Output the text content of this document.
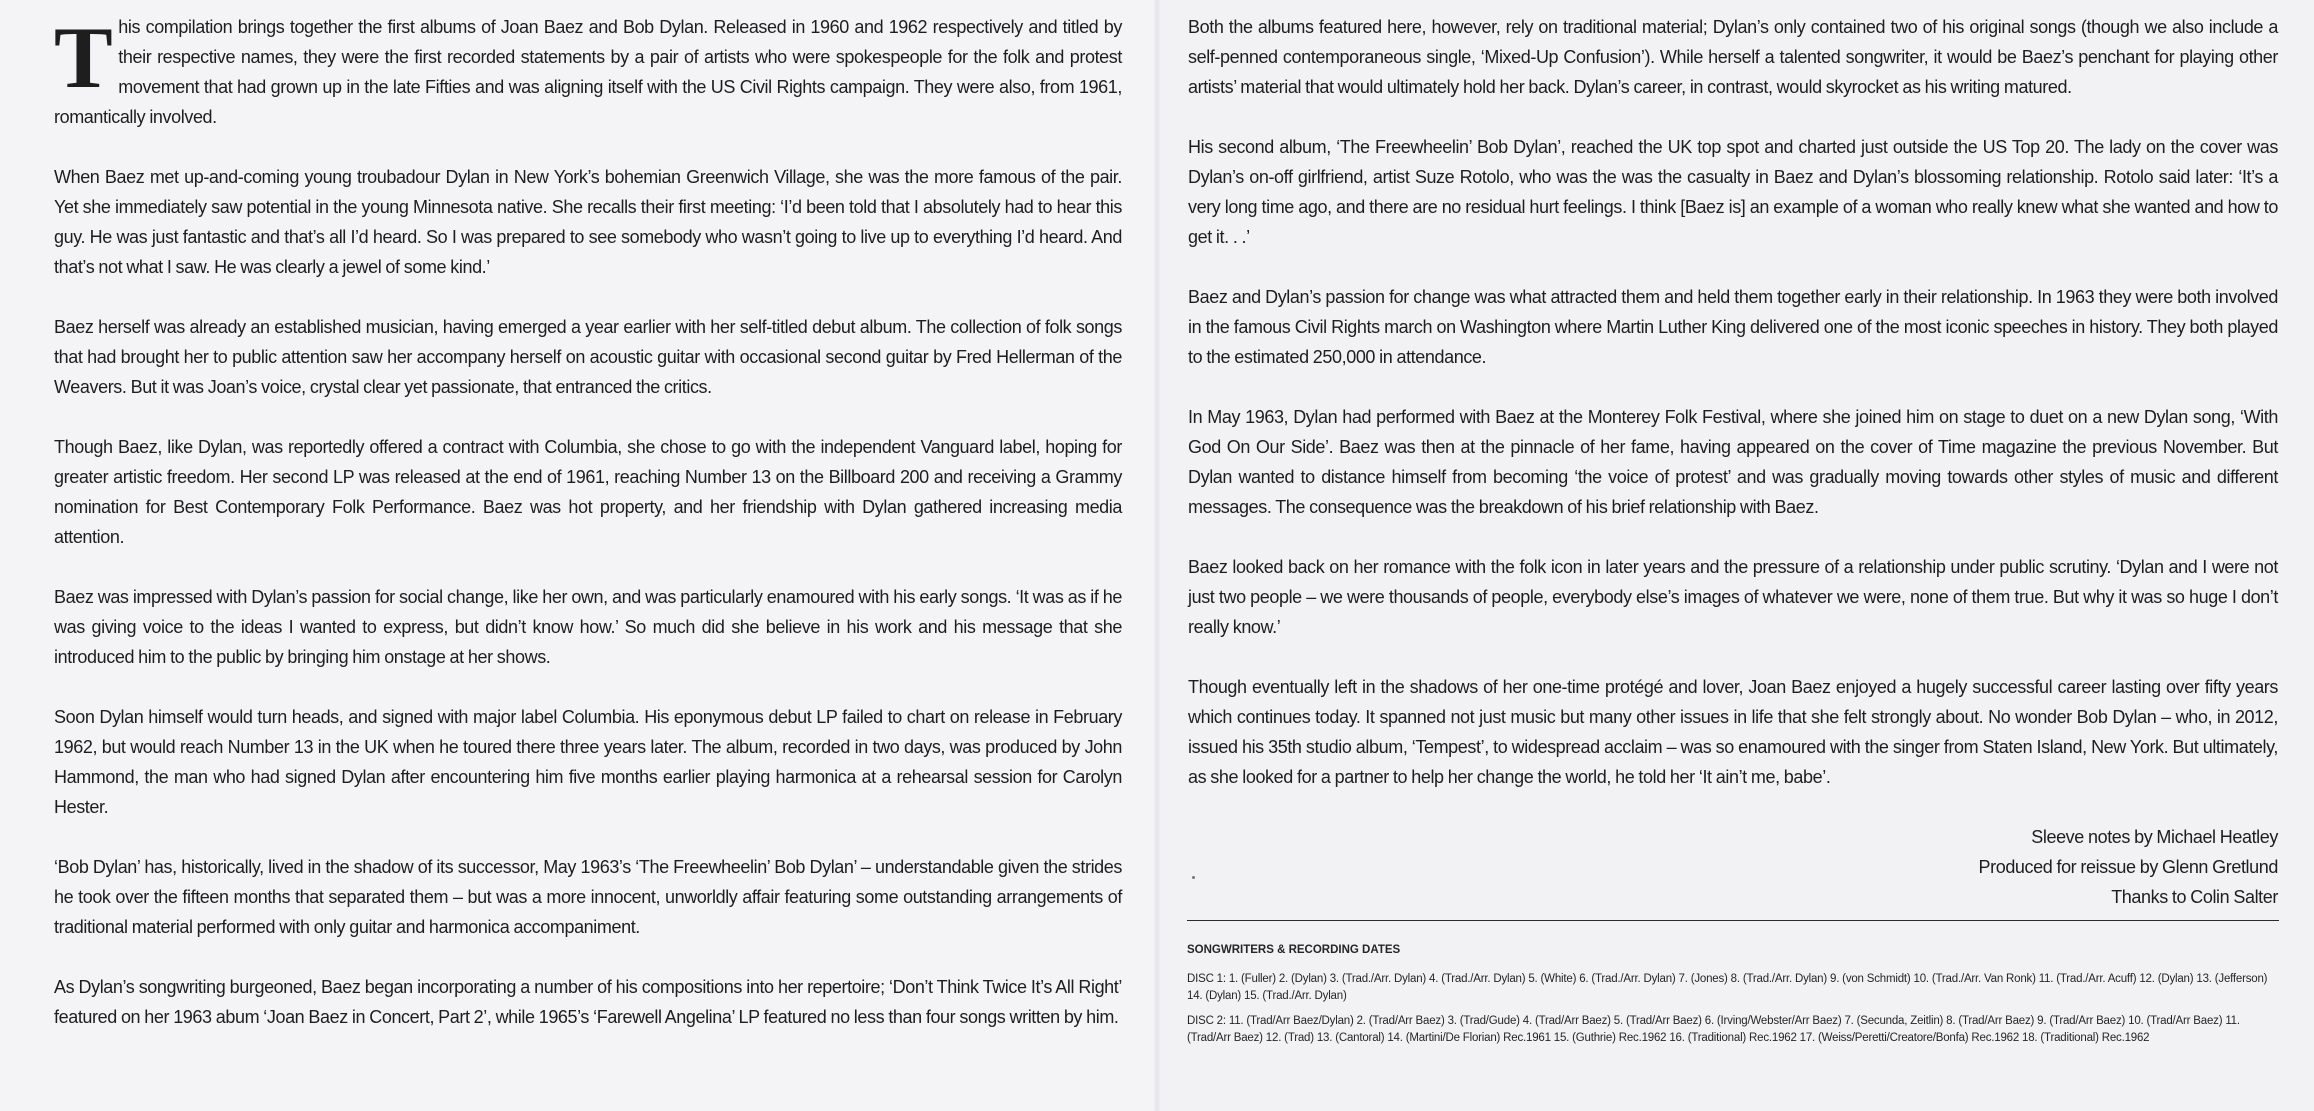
This compilation brings together the first albums of Joan Baez and Bob Dylan. Released in 1960 and 1962 respectively and titled by their respective names, they were the first recorded statements by a pair of artists who were spokespeople for the folk and protest movement that had grown up in the late Fifties and was aligning itself with the US Civil Rights campaign. They were also, from 1961, romantically involved.

When Baez met up-and-coming young troubadour Dylan in New York’s bohemian Greenwich Village, she was the more famous of the pair. Yet she immediately saw potential in the young Minnesota native. She recalls their first meeting: ‘I’d been told that I absolutely had to hear this guy. He was just fantastic and that’s all I’d heard. So I was prepared to see somebody who wasn’t going to live up to everything I’d heard. And that’s not what I saw. He was clearly a jewel of some kind.’

Baez herself was already an established musician, having emerged a year earlier with her self-titled debut album. The collection of folk songs that had brought her to public attention saw her accompany herself on acoustic guitar with occasional second guitar by Fred Hellerman of the Weavers. But it was Joan’s voice, crystal clear yet passionate, that entranced the critics.

Though Baez, like Dylan, was reportedly offered a contract with Columbia, she chose to go with the independent Vanguard label, hoping for greater artistic freedom. Her second LP was released at the end of 1961, reaching Number 13 on the Billboard 200 and receiving a Grammy nomination for Best Contemporary Folk Performance. Baez was hot property, and her friendship with Dylan gathered increasing media attention.

Baez was impressed with Dylan’s passion for social change, like her own, and was particularly enamoured with his early songs. ‘It was as if he was giving voice to the ideas I wanted to express, but didn’t know how.’ So much did she believe in his work and his message that she introduced him to the public by bringing him onstage at her shows.

Soon Dylan himself would turn heads, and signed with major label Columbia. His eponymous debut LP failed to chart on release in February 1962, but would reach Number 13 in the UK when he toured there three years later. The album, recorded in two days, was produced by John Hammond, the man who had signed Dylan after encountering him five months earlier playing harmonica at a rehearsal session for Carolyn Hester.

‘Bob Dylan’ has, historically, lived in the shadow of its successor, May 1963’s ‘The Freewheelin’ Bob Dylan’ – understandable given the strides he took over the fifteen months that separated them – but was a more innocent, unworldly affair featuring some outstanding arrangements of traditional material performed with only guitar and harmonica accompaniment.

As Dylan’s songwriting burgeoned, Baez began incorporating a number of his compositions into her repertoire; ‘Don’t Think Twice It’s All Right’ featured on her 1963 abum ‘Joan Baez in Concert, Part 2’, while 1965’s ‘Farewell Angelina’ LP featured no less than four songs written by him.

Both the albums featured here, however, rely on traditional material; Dylan’s only contained two of his original songs (though we also include a self-penned contemporaneous single, ‘Mixed-Up Confusion’). While herself a talented songwriter, it would be Baez’s penchant for playing other artists’ material that would ultimately hold her back. Dylan’s career, in contrast, would skyrocket as his writing matured.

His second album, ‘The Freewheelin’ Bob Dylan’, reached the UK top spot and charted just outside the US Top 20. The lady on the cover was Dylan’s on-off girlfriend, artist Suze Rotolo, who was the was the casualty in Baez and Dylan’s blossoming relationship. Rotolo said later: ‘It’s a very long time ago, and there are no residual hurt feelings. I think [Baez is] an example of a woman who really knew what she wanted and how to get it. . .’

Baez and Dylan’s passion for change was what attracted them and held them together early in their relationship. In 1963 they were both involved in the famous Civil Rights march on Washington where Martin Luther King delivered one of the most iconic speeches in history. They both played to the estimated 250,000 in attendance.

In May 1963, Dylan had performed with Baez at the Monterey Folk Festival, where she joined him on stage to duet on a new Dylan song, ‘With God On Our Side’. Baez was then at the pinnacle of her fame, having appeared on the cover of Time magazine the previous November. But Dylan wanted to distance himself from becoming ‘the voice of protest’ and was gradually moving towards other styles of music and different messages. The consequence was the breakdown of his brief relationship with Baez.

Baez looked back on her romance with the folk icon in later years and the pressure of a relationship under public scrutiny. ‘Dylan and I were not just two people – we were thousands of people, everybody else’s images of whatever we were, none of them true. But why it was so huge I don’t really know.’

Though eventually left in the shadows of her one-time protégé and lover, Joan Baez enjoyed a hugely successful career lasting over fifty years which continues today. It spanned not just music but many other issues in life that she felt strongly about. No wonder Bob Dylan – who, in 2012, issued his 35th studio album, ‘Tempest’, to widespread acclaim – was so enamoured with the singer from Staten Island, New York. But ultimately, as she looked for a partner to help her change the world, he told her ‘It ain’t me, babe’.

Sleeve notes by Michael Heatley
Produced for reissue by Glenn Gretlund
Thanks to Colin Salter
SONGWRITERS & RECORDING DATES
DISC 1: 1. (Fuller) 2. (Dylan) 3. (Trad./Arr. Dylan) 4. (Trad./Arr. Dylan) 5. (White) 6. (Trad./Arr. Dylan) 7. (Jones) 8. (Trad./Arr. Dylan) 9. (von Schmidt) 10. (Trad./Arr. Van Ronk) 11. (Trad./Arr. Acuff) 12. (Dylan) 13. (Jefferson) 14. (Dylan) 15. (Trad./Arr. Dylan)
DISC 2: 11. (Trad/Arr Baez/Dylan) 2. (Trad/Arr Baez) 3. (Trad/Gude) 4. (Trad/Arr Baez) 5. (Trad/Arr Baez) 6. (Irving/Webster/Arr Baez) 7. (Secunda, Zeitlin) 8. (Trad/Arr Baez) 9. (Trad/Arr Baez) 10. (Trad/Arr Baez) 11. (Trad/Arr Baez) 12. (Trad) 13. (Cantoral) 14. (Martini/De Florian) Rec.1961 15. (Guthrie) Rec.1962 16. (Traditional) Rec.1962 17. (Weiss/Peretti/Creatore/Bonfa) Rec.1962 18. (Traditional) Rec.1962
